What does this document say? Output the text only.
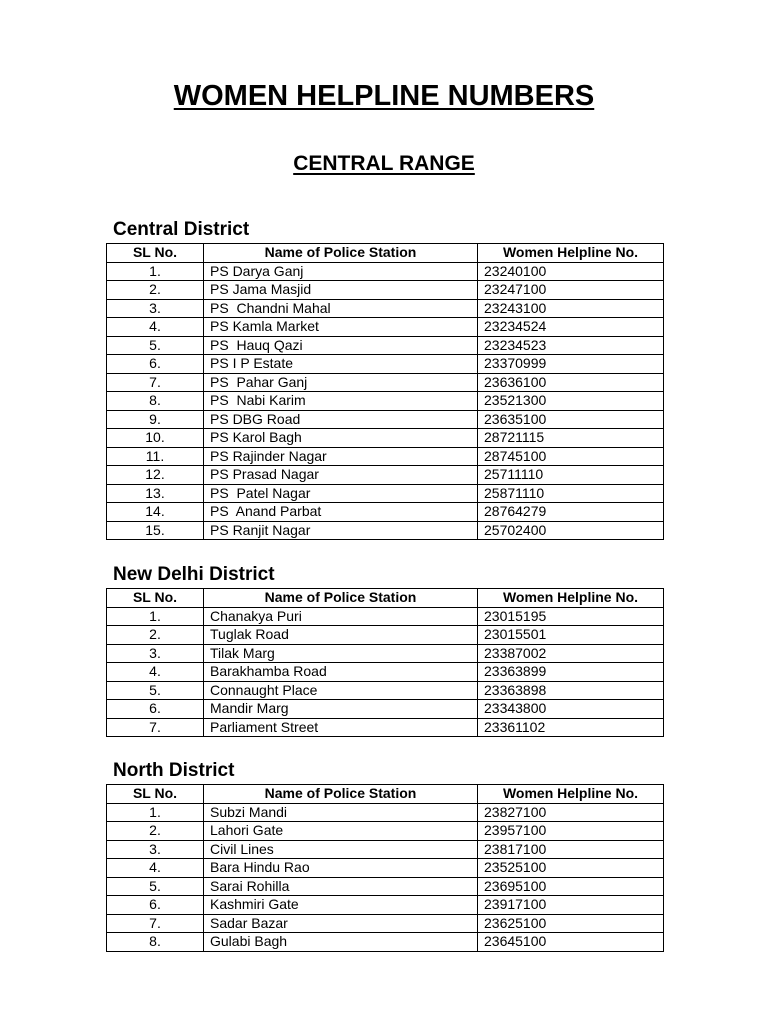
WOMEN HELPLINE NUMBERS
CENTRAL RANGE
Central District
SL No.	Name of Police Station	Women Helpline No.
1.	PS Darya Ganj	23240100
2.	PS Jama Masjid	23247100
3.	PS  Chandni Mahal	23243100
4.	PS Kamla Market	23234524
5.	PS  Hauq Qazi	23234523
6.	PS I P Estate	23370999
7.	PS  Pahar Ganj	23636100
8.	PS  Nabi Karim	23521300
9.	PS DBG Road	23635100
10.	PS Karol Bagh	28721115
11.	PS Rajinder Nagar	28745100
12.	PS Prasad Nagar	25711110
13.	PS  Patel Nagar	25871110
14.	PS  Anand Parbat	28764279
15.	PS Ranjit Nagar	25702400
New Delhi District
SL No.	Name of Police Station	Women Helpline No.
1.	Chanakya Puri	23015195
2.	Tuglak Road	23015501
3.	Tilak Marg	23387002
4.	Barakhamba Road	23363899
5.	Connaught Place	23363898
6.	Mandir Marg	23343800
7.	Parliament Street	23361102
North District
SL No.	Name of Police Station	Women Helpline No.
1.	Subzi Mandi	23827100
2.	Lahori Gate	23957100
3.	Civil Lines	23817100
4.	Bara Hindu Rao	23525100
5.	Sarai Rohilla	23695100
6.	Kashmiri Gate	23917100
7.	Sadar Bazar	23625100
8.	Gulabi Bagh	23645100
